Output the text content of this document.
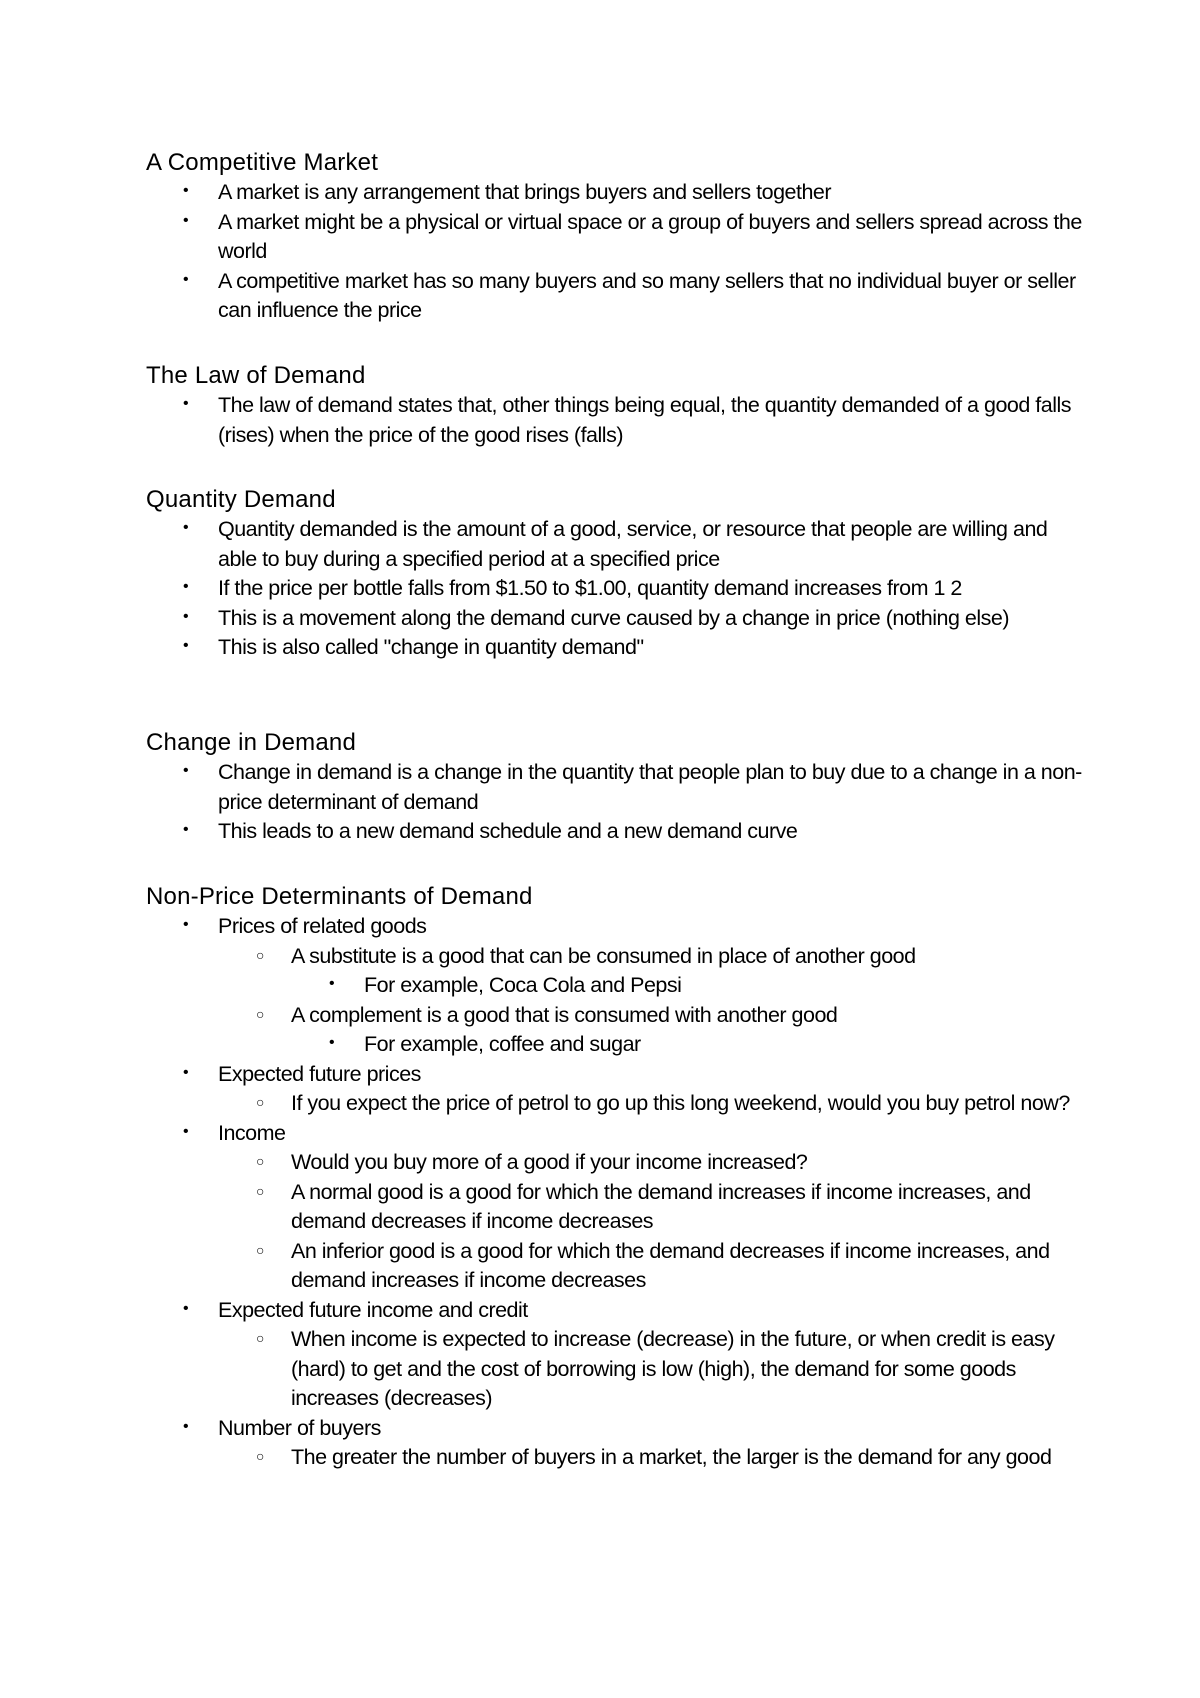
A Competitive Market
• A market is any arrangement that brings buyers and sellers together
• A market might be a physical or virtual space or a group of buyers and sellers spread across the world
• A competitive market has so many buyers and so many sellers that no individual buyer or seller can influence the price
The Law of Demand
• The law of demand states that, other things being equal, the quantity demanded of a good falls (rises) when the price of the good rises (falls)
Quantity Demand
• Quantity demanded is the amount of a good, service, or resource that people are willing and able to buy during a specified period at a specified price
• If the price per bottle falls from $1.50 to $1.00, quantity demand increases from 1 2
• This is a movement along the demand curve caused by a change in price (nothing else)
• This is also called "change in quantity demand"
Change in Demand
• Change in demand is a change in the quantity that people plan to buy due to a change in a non-price determinant of demand
• This leads to a new demand schedule and a new demand curve
Non-Price Determinants of Demand
• Prices of related goods
○ A substitute is a good that can be consumed in place of another good
• For example, Coca Cola and Pepsi
○ A complement is a good that is consumed with another good
• For example, coffee and sugar
• Expected future prices
○ If you expect the price of petrol to go up this long weekend, would you buy petrol now?
• Income
○ Would you buy more of a good if your income increased?
○ A normal good is a good for which the demand increases if income increases, and demand decreases if income decreases
○ An inferior good is a good for which the demand decreases if income increases, and demand increases if income decreases
• Expected future income and credit
○ When income is expected to increase (decrease) in the future, or when credit is easy (hard) to get and the cost of borrowing is low (high), the demand for some goods increases (decreases)
• Number of buyers
○ The greater the number of buyers in a market, the larger is the demand for any good
